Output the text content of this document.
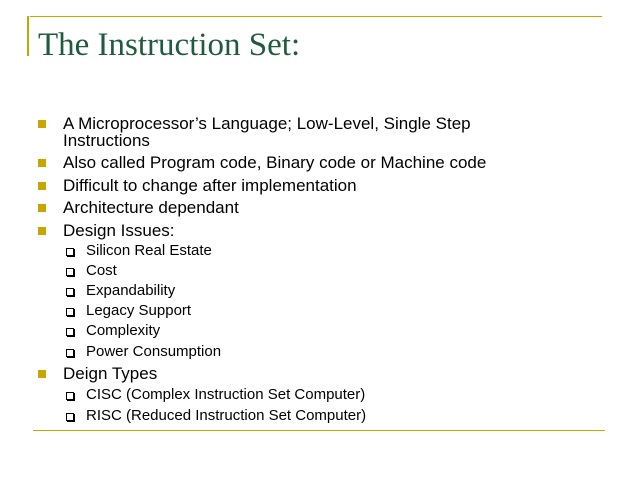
The Instruction Set:
A Microprocessor’s Language; Low-Level, Single Step
Instructions
Also called Program code, Binary code or Machine code
Difficult to change after implementation
Architecture dependant
Design Issues:
Silicon Real Estate
Cost
Expandability
Legacy Support
Complexity
Power Consumption
Deign Types
CISC (Complex Instruction Set Computer)
RISC (Reduced Instruction Set Computer)
